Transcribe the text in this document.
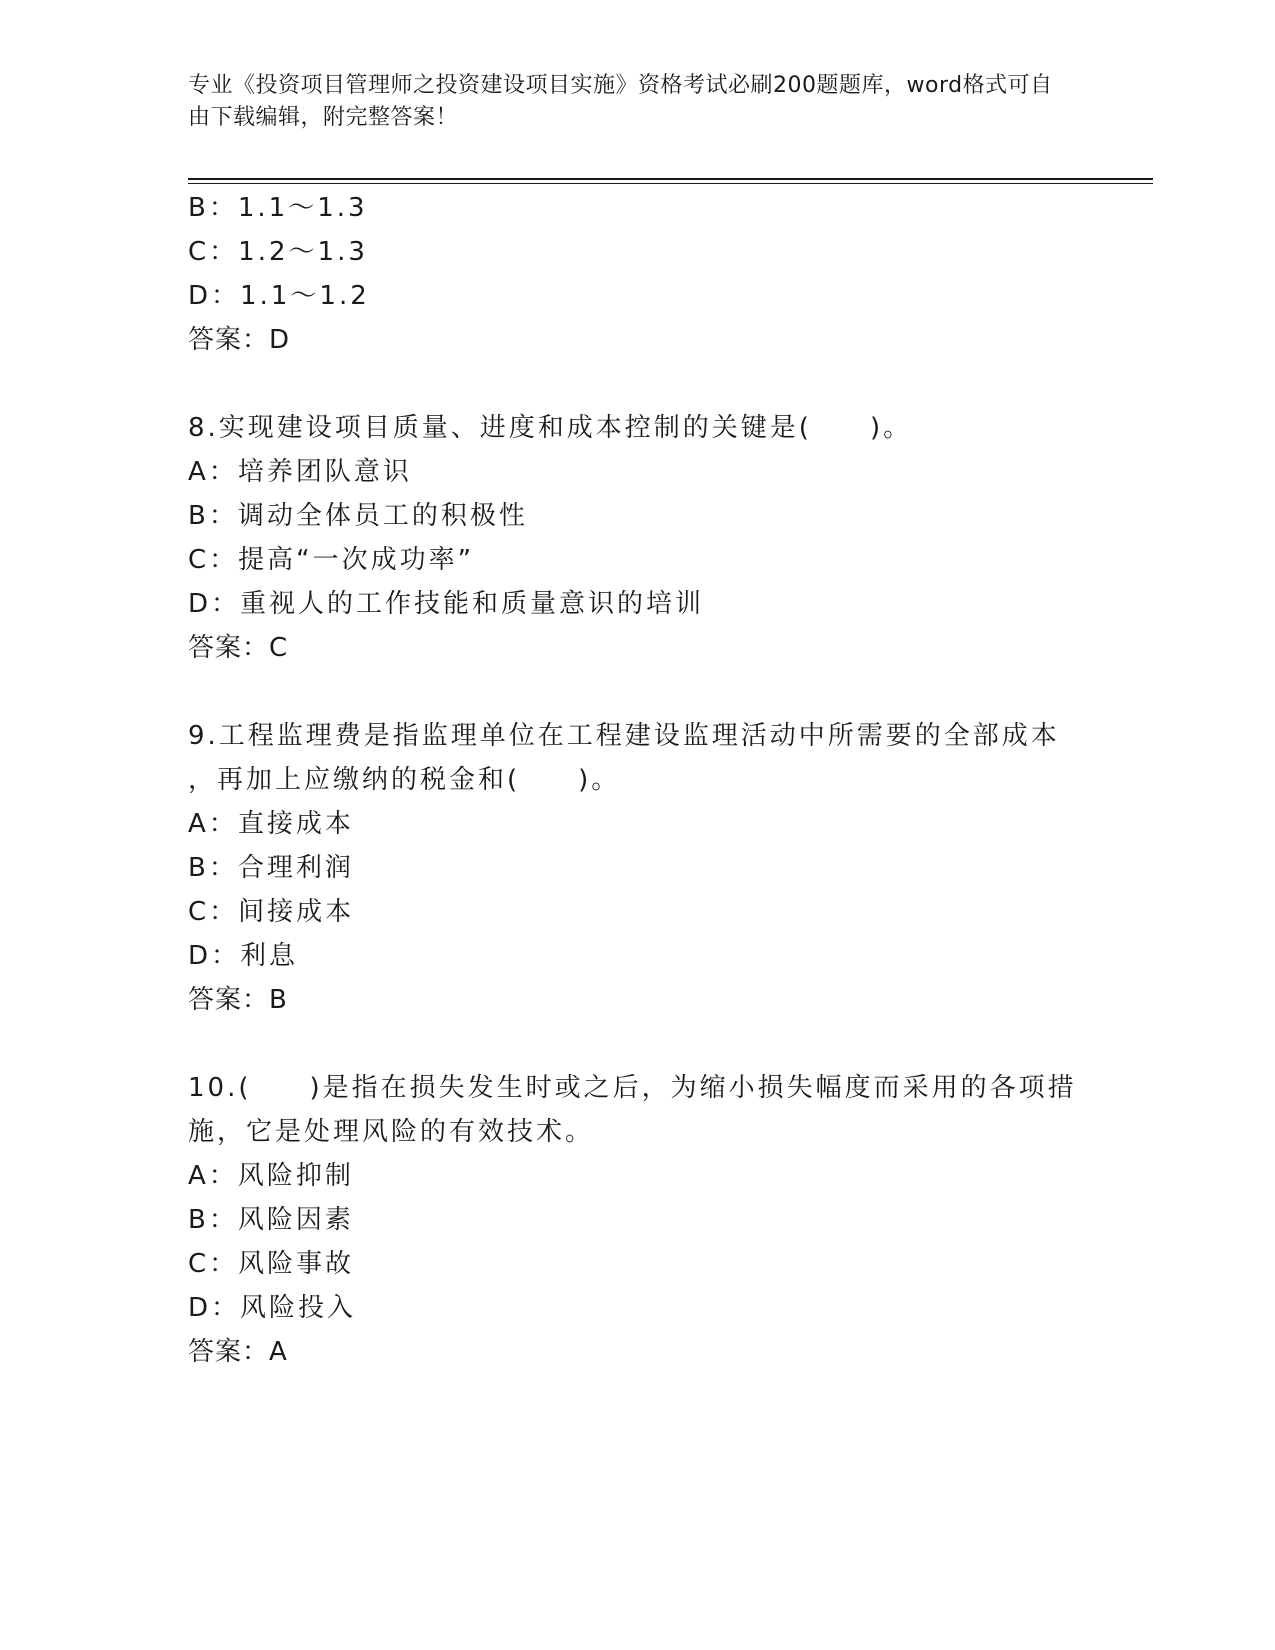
专业《投资项目管理师之投资建设项目实施》资格考试必刷200题题库，word格式可自由下载编辑，附完整答案！
B：1.1～1.3
C：1.2～1.3
D：1.1～1.2
答案：D
8.实现建设项目质量、进度和成本控制的关键是(　　)。
A：培养团队意识
B：调动全体员工的积极性
C：提高“一次成功率”
D：重视人的工作技能和质量意识的培训
答案：C
9.工程监理费是指监理单位在工程建设监理活动中所需要的全部成本
，再加上应缴纳的税金和(　　)。
A：直接成本
B：合理利润
C：间接成本
D：利息
答案：B
10.(　　)是指在损失发生时或之后，为缩小损失幅度而采用的各项措
施，它是处理风险的有效技术。
A：风险抑制
B：风险因素
C：风险事故
D：风险投入
答案：A
